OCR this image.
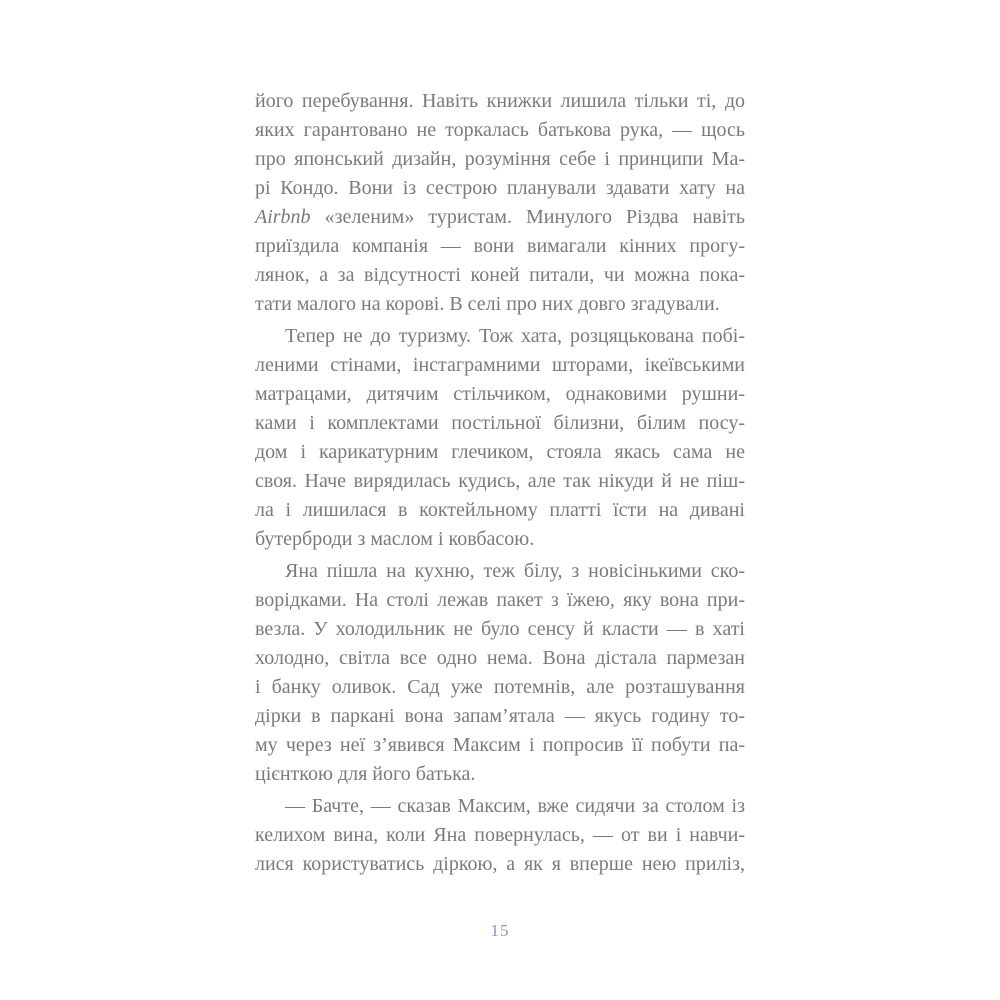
його перебування. Навіть книжки лишила тільки ті, до
яких гарантовано не торкалась батькова рука, — щось
про японський дизайн, розуміння себе і принципи Ма-
рі Кондо. Вони із сестрою планували здавати хату на
Airbnb «зеленим» туристам. Минулого Різдва навіть
приїздила компанія — вони вимагали кінних прогу-
лянок, а за відсутності коней питали, чи можна пока-
тати малого на корові. В селі про них довго згадували.
Тепер не до туризму. Тож хата, розцяцькована побі-
леними стінами, інстаграмними шторами, ікеївськими
матрацами, дитячим стільчиком, однаковими рушни-
ками і комплектами постільної білизни, білим посу-
дом і карикатурним глечиком, стояла якась сама не
своя. Наче вирядилась кудись, але так нікуди й не піш-
ла і лишилася в коктейльному платті їсти на дивані
бутерброди з маслом і ковбасою.
Яна пішла на кухню, теж білу, з новісінькими ско-
ворідками. На столі лежав пакет з їжею, яку вона при-
везла. У холодильник не було сенсу й класти — в хаті
холодно, світла все одно нема. Вона дістала пармезан
і банку оливок. Сад уже потемнів, але розташування
дірки в паркані вона запам’ятала — якусь годину то-
му через неї з’явився Максим і попросив її побути па-
цієнткою для його батька.
— Бачте, — сказав Максим, вже сидячи за столом із
келихом вина, коли Яна повернулась, — от ви і навчи-
лися користуватись діркою, а як я вперше нею приліз,
15
